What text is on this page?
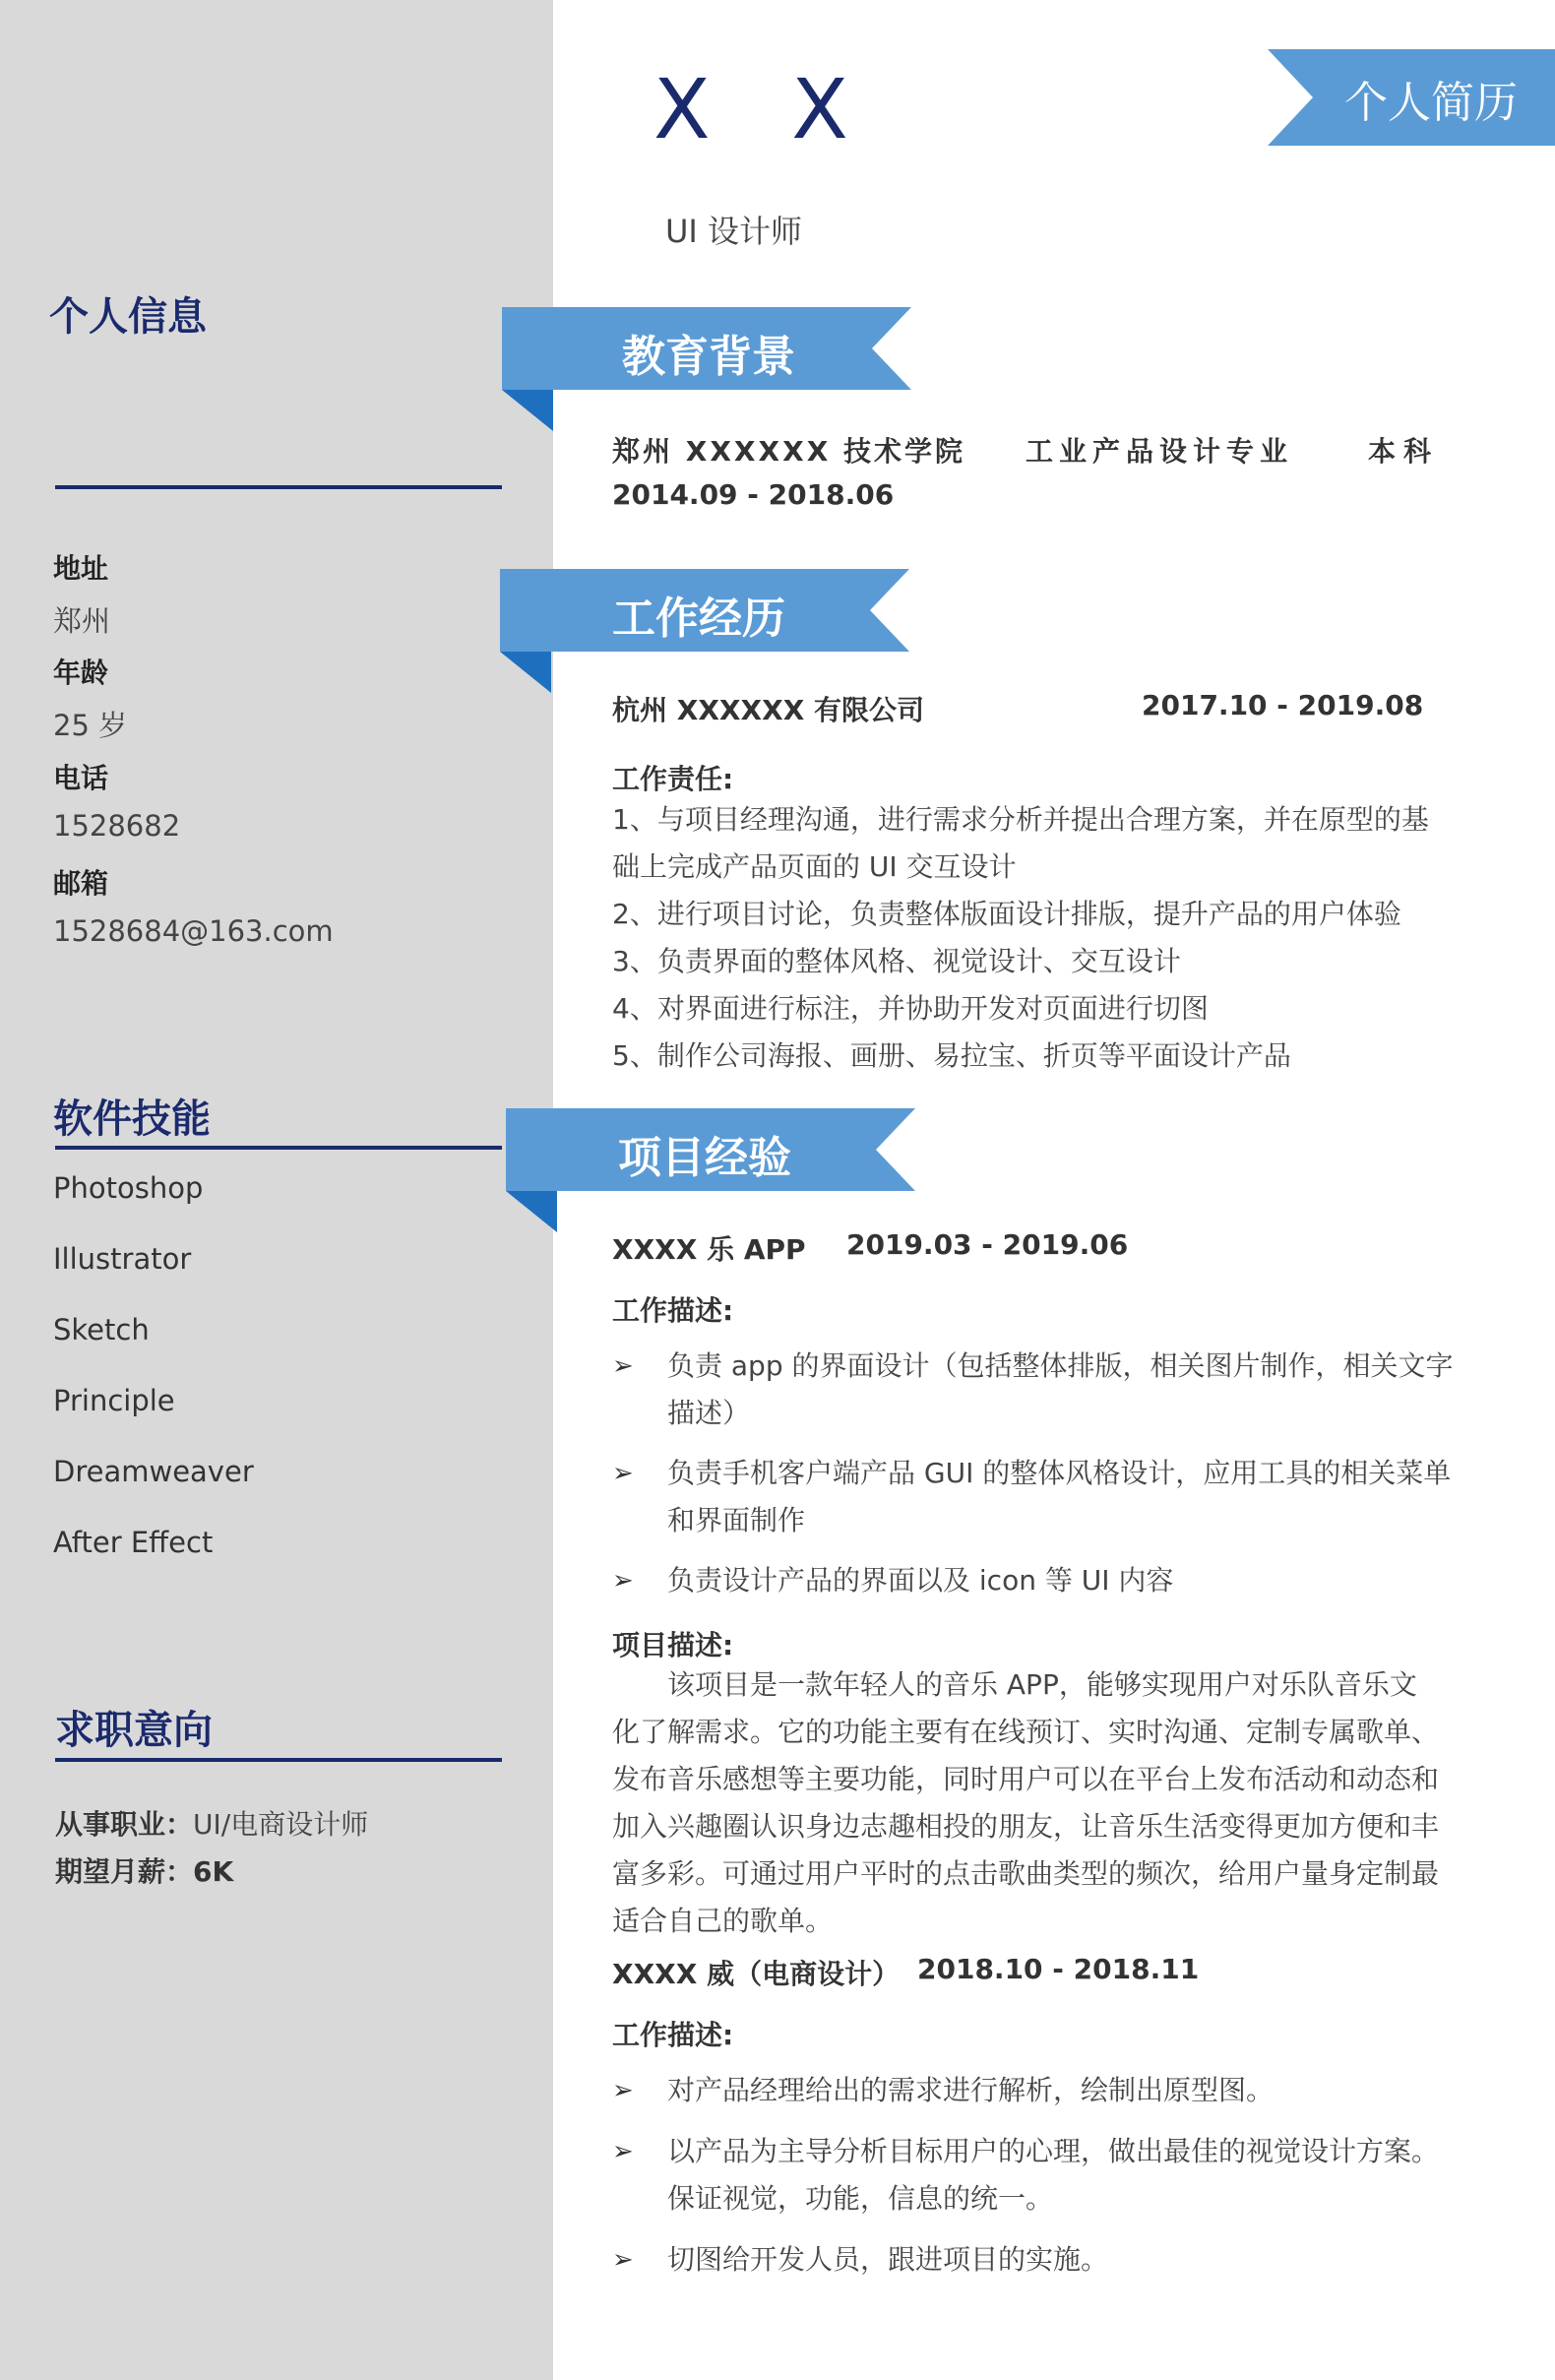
个人信息
地址
郑州
年龄
25 岁
电话
1528682
邮箱
1528684@163.com
软件技能
Photoshop
Illustrator
Sketch
Principle
Dreamweaver
After Effect
求职意向
从事职业：UI/电商设计师
期望月薪：6K
X X
UI 设计师
个人简历
教育背景
郑州 XXXXXX 技术学院 工业产品设计专业	本科
2014.09 - 2018.06
工作经历
杭州 XXXXXX 有限公司	2017.10 - 2019.08
工作责任:
1、与项目经理沟通，进行需求分析并提出合理方案，并在原型的基础上完成产品页面的 UI 交互设计
2、进行项目讨论，负责整体版面设计排版，提升产品的用户体验
3、负责界面的整体风格、视觉设计、交互设计
4、对界面进行标注，并协助开发对页面进行切图
5、制作公司海报、画册、易拉宝、折页等平面设计产品
项目经验
XXXX 乐 APP 2019.03 - 2019.06
工作描述:
➢ 负责 app 的界面设计（包括整体排版，相关图片制作，相关文字描述）
➢ 负责手机客户端产品 GUI 的整体风格设计，应用工具的相关菜单和界面制作
➢ 负责设计产品的界面以及 icon 等 UI 内容
项目描述:
该项目是一款年轻人的音乐 APP，能够实现用户对乐队音乐文化了解需求。它的功能主要有在线预订、实时沟通、定制专属歌单、发布音乐感想等主要功能，同时用户可以在平台上发布活动和动态和加入兴趣圈认识身边志趣相投的朋友，让音乐生活变得更加方便和丰富多彩。可通过用户平时的点击歌曲类型的频次，给用户量身定制最适合自己的歌单。
XXXX 威（电商设计） 2018.10 - 2018.11
工作描述:
➢ 对产品经理给出的需求进行解析，绘制出原型图。
➢ 以产品为主导分析目标用户的心理，做出最佳的视觉设计方案。保证视觉，功能，信息的统一。
➢ 切图给开发人员，跟进项目的实施。
